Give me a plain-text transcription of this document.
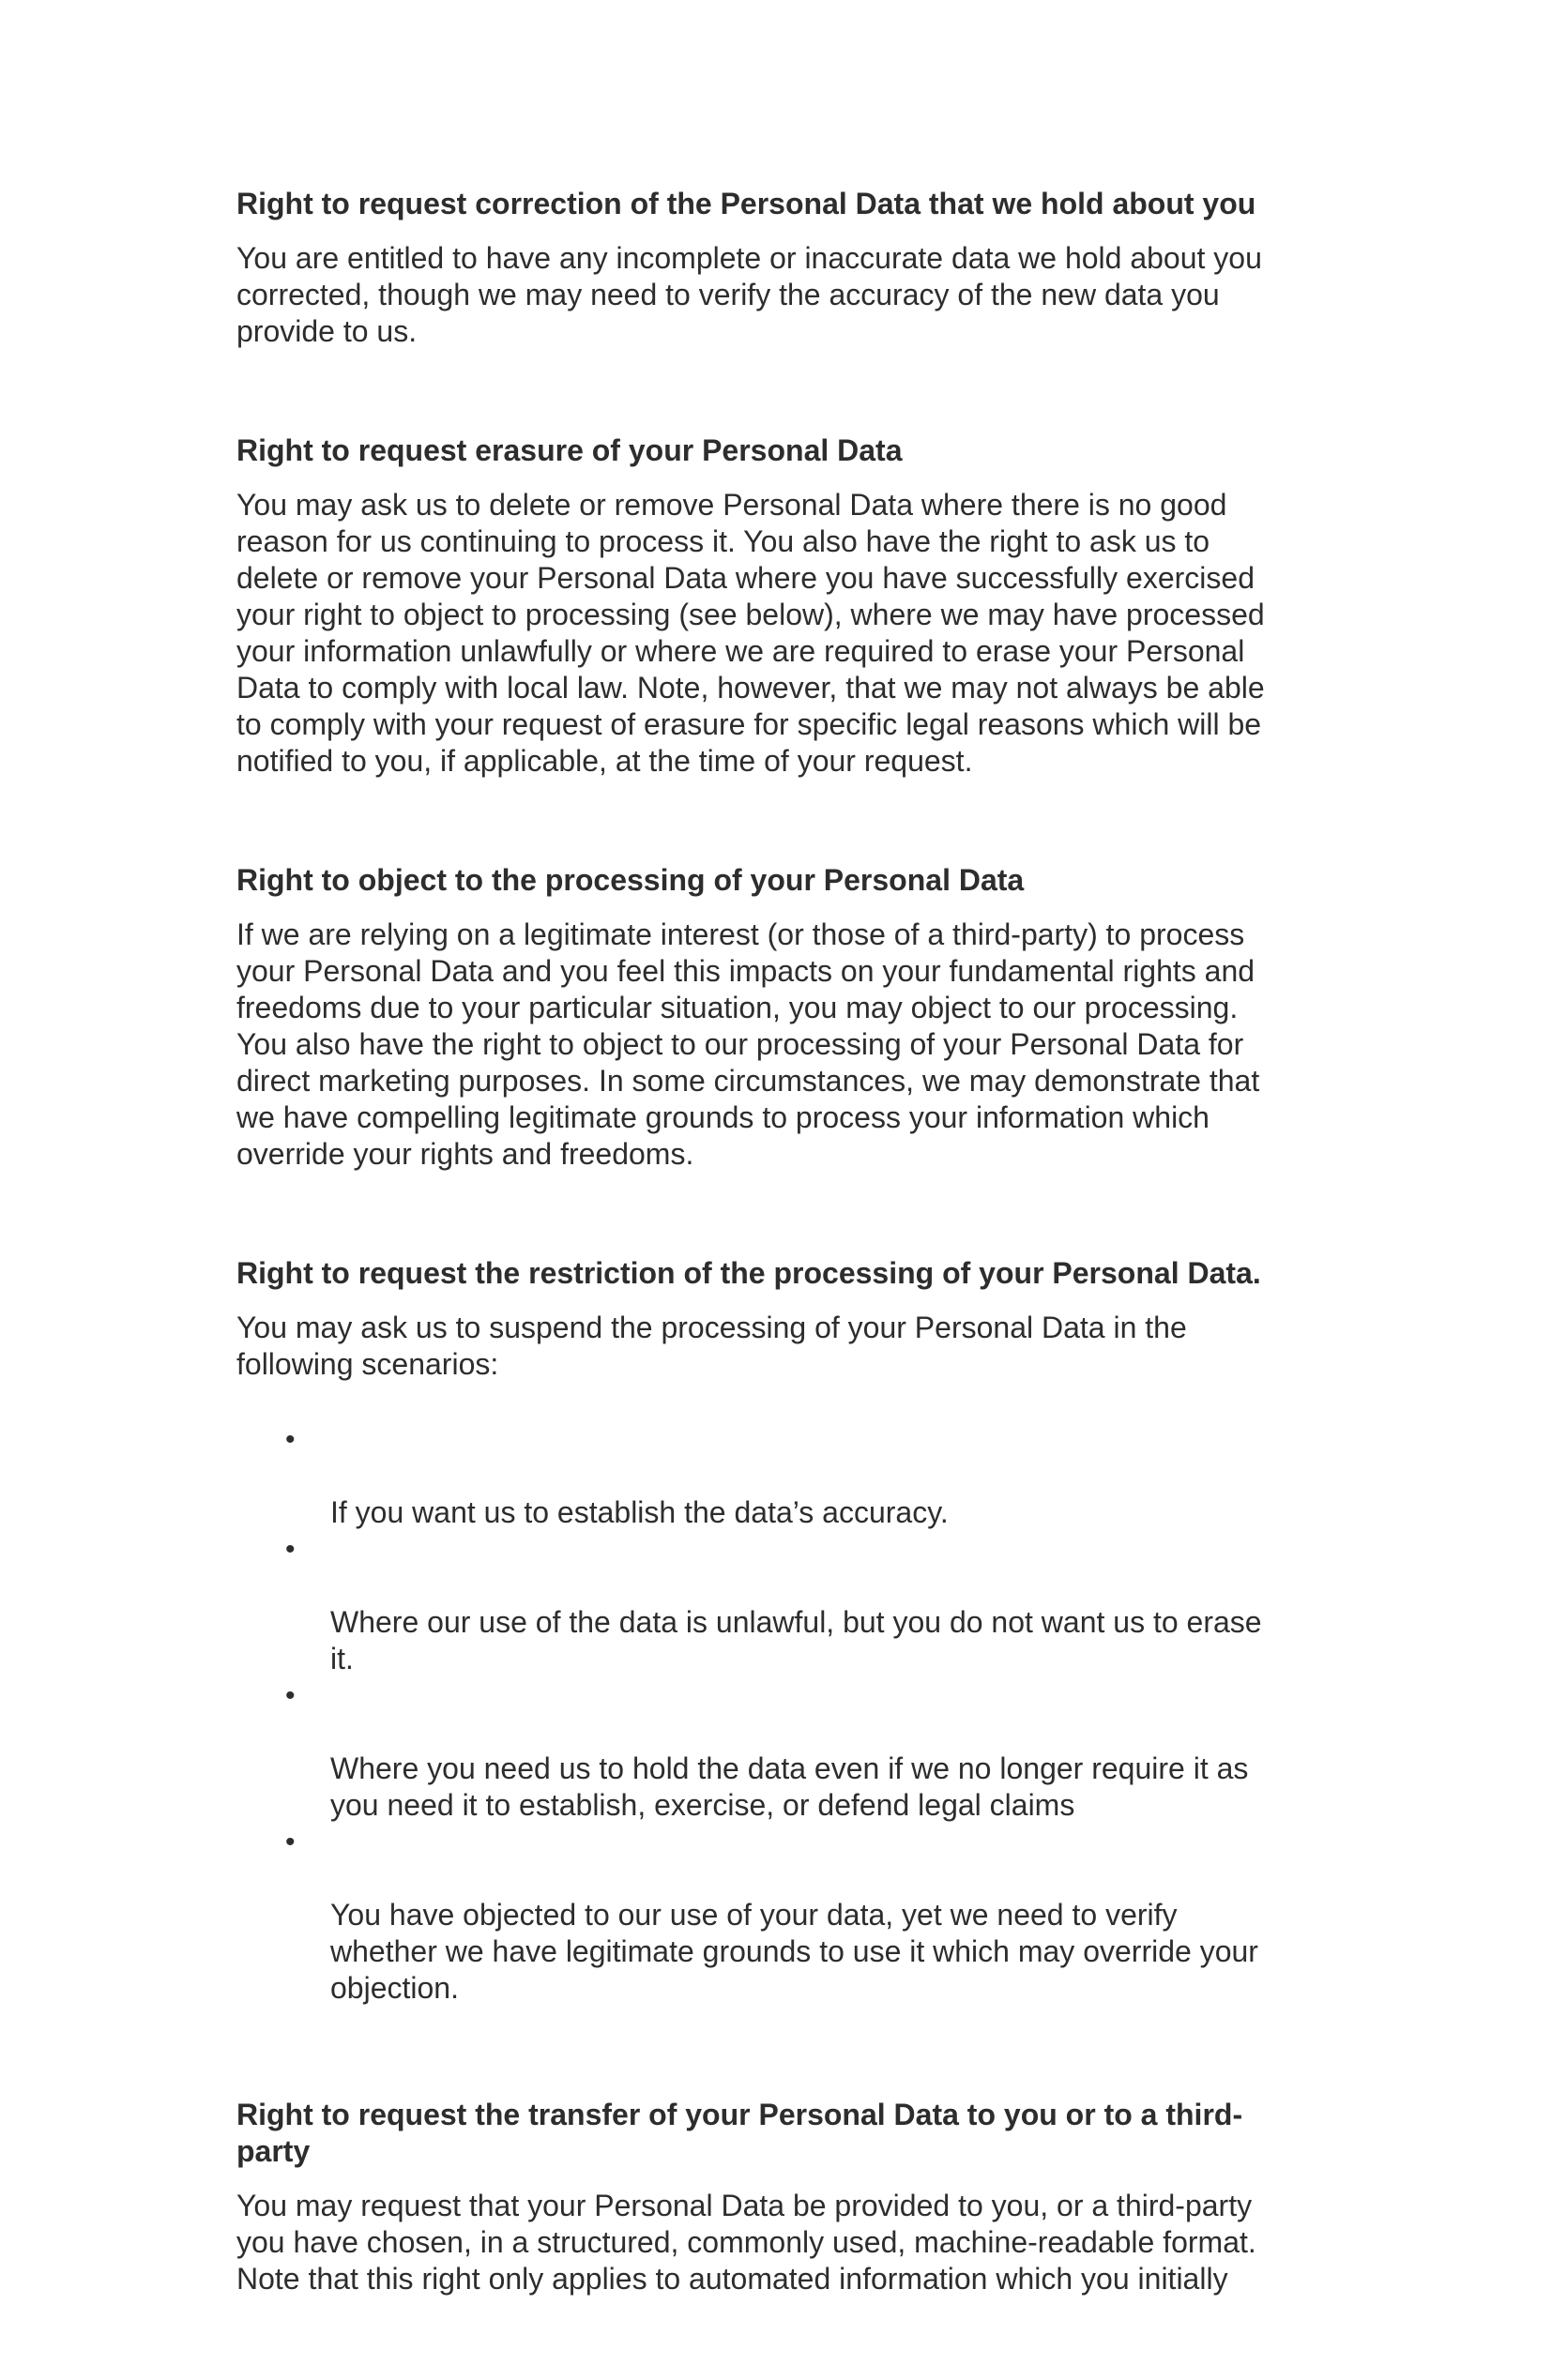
Right to request correction of the Personal Data that we hold about you

You are entitled to have any incomplete or inaccurate data we hold about you
corrected, though we may need to verify the accuracy of the new data you
provide to us.

Right to request erasure of your Personal Data

You may ask us to delete or remove Personal Data where there is no good
reason for us continuing to process it. You also have the right to ask us to
delete or remove your Personal Data where you have successfully exercised
your right to object to processing (see below), where we may have processed
your information unlawfully or where we are required to erase your Personal
Data to comply with local law. Note, however, that we may not always be able
to comply with your request of erasure for specific legal reasons which will be
notified to you, if applicable, at the time of your request.

Right to object to the processing of your Personal Data

If we are relying on a legitimate interest (or those of a third-party) to process
your Personal Data and you feel this impacts on your fundamental rights and
freedoms due to your particular situation, you may object to our processing.
You also have the right to object to our processing of your Personal Data for
direct marketing purposes. In some circumstances, we may demonstrate that
we have compelling legitimate grounds to process your information which
override your rights and freedoms.

Right to request the restriction of the processing of your Personal Data.

You may ask us to suspend the processing of your Personal Data in the
following scenarios:

•

If you want us to establish the data’s accuracy.

•

Where our use of the data is unlawful, but you do not want us to erase
it.

•

Where you need us to hold the data even if we no longer require it as
you need it to establish, exercise, or defend legal claims

•

You have objected to our use of your data, yet we need to verify
whether we have legitimate grounds to use it which may override your
objection.

Right to request the transfer of your Personal Data to you or to a third-
party

You may request that your Personal Data be provided to you, or a third-party
you have chosen, in a structured, commonly used, machine-readable format.
Note that this right only applies to automated information which you initially
